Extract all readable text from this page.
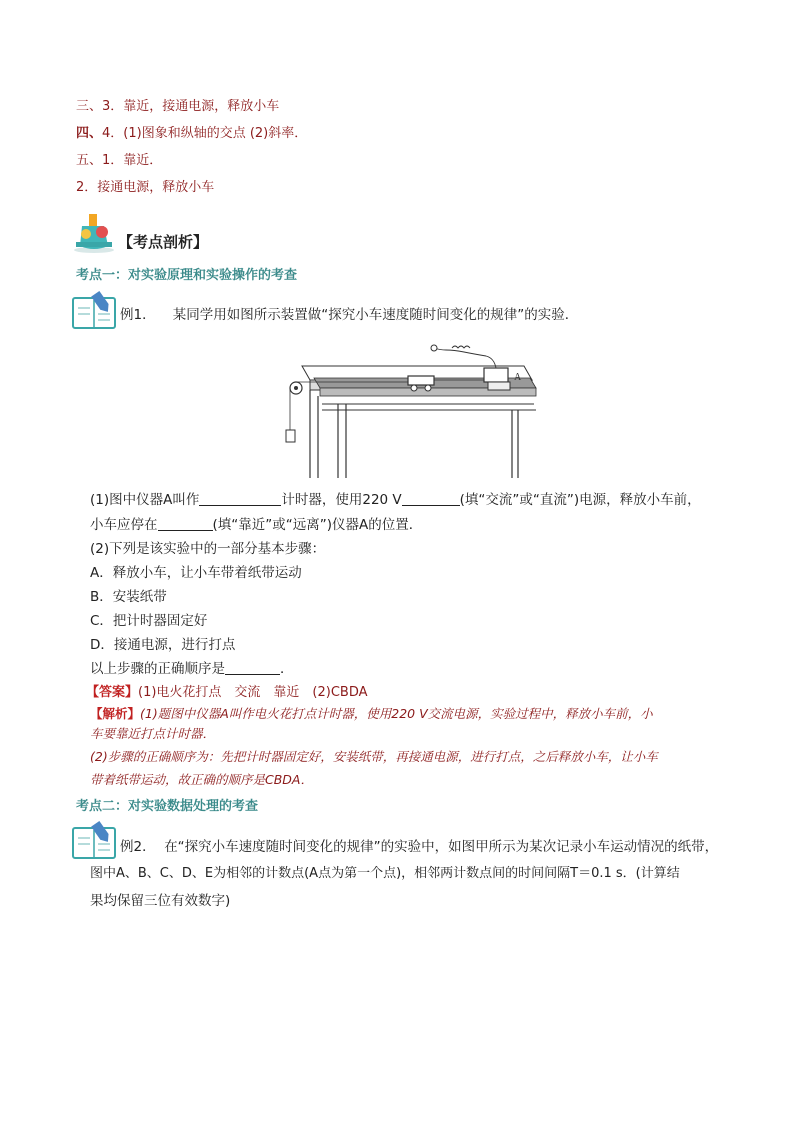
三、3．靠近，接通电源，释放小车
四、4．(1)图象和纵轴的交点 (2)斜率．
五、1．靠近．
2．接通电源，释放小车
【考点剖析】
考点一：对实验原理和实验操作的考查
例1． 某同学用如图所示装置做“探究小车速度随时间变化的规律”的实验．
A
(1)图中仪器A叫作	计时器，使用220 V	(填“交流”或“直流”)电源，释放小车前，
小车应停在	(填“靠近”或“远离”)仪器A的位置．
(2)下列是该实验中的一部分基本步骤：
A．释放小车，让小车带着纸带运动
B．安装纸带
C．把计时器固定好
D．接通电源，进行打点
以上步骤的正确顺序是	．
【答案】(1)电火花打点　交流　靠近　(2)CBDA
【解析】(1)题图中仪器A叫作电火花打点计时器，使用220 V交流电源，实验过程中，释放小车前，小
车要靠近打点计时器．
(2)步骤的正确顺序为：先把计时器固定好，安装纸带，再接通电源，进行打点，之后释放小车，让小车
带着纸带运动，故正确的顺序是CBDA．
考点二：对实验数据处理的考查
例2． 在“探究小车速度随时间变化的规律”的实验中，如图甲所示为某次记录小车运动情况的纸带，
图中A、B、C、D、E为相邻的计数点(A点为第一个点)，相邻两计数点间的时间间隔T＝0.1 s．(计算结
果均保留三位有效数字)
